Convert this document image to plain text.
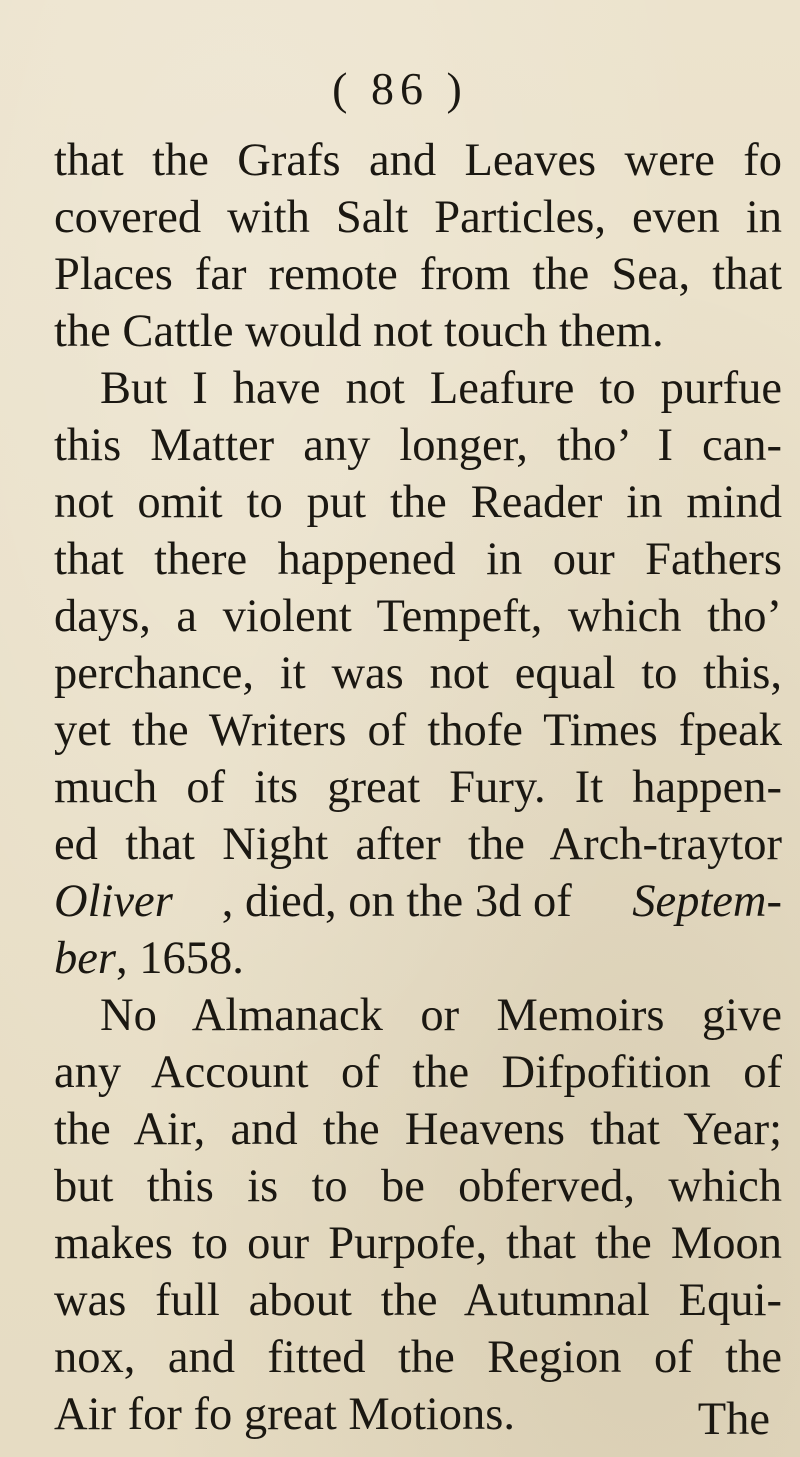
( 86 )
that the Grafs and Leaves were fo
covered with Salt Particles, even in
Places far remote from the Sea, that
the Cattle would not touch them.
But I have not Leafure to purfue
this Matter any longer, tho’ I can-
not omit to put the Reader in mind
that there happened in our Fathers
days, a violent Tempeft, which tho’
perchance, it was not equal to this,
yet the Writers of thofe Times fpeak
much of its great Fury. It happen-
ed that Night after the Arch-traytor
Oliver , died, on the 3d of Septem-
ber, 1658.
No Almanack or Memoirs give
any Account of the Difpofition of
the Air, and the Heavens that Year;
but this is to be obferved, which
makes to our Purpofe, that the Moon
was full about the Autumnal Equi-
nox, and fitted the Region of the
Air for fo great Motions.	The
